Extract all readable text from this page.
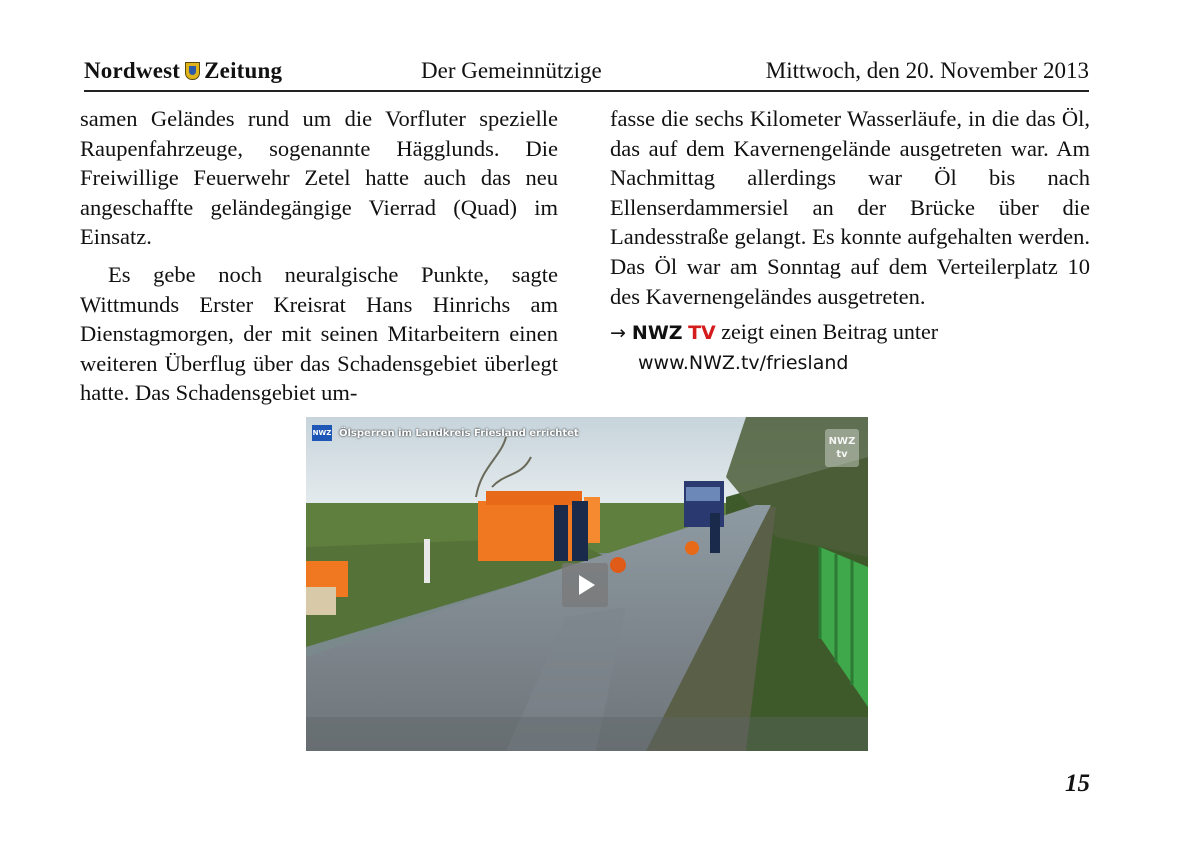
Nordwest Zeitung	Der Gemeinnützige	Mittwoch, den 20. November 2013

samen Geländes rund um die Vorfluter spezielle Raupenfahrzeuge, sogenannte Hägglunds. Die Freiwillige Feuerwehr Zetel hatte auch das neu angeschaffte geländegängige Vierrad (Quad) im Einsatz.

Es gebe noch neuralgische Punkte, sagte Wittmunds Erster Kreisrat Hans Hinrichs am Dienstagmorgen, der mit seinen Mitarbeitern einen weiteren Überflug über das Schadensgebiet überlegt hatte. Das Schadensgebiet um-

fasse die sechs Kilometer Wasserläufe, in die das Öl, das auf dem Kavernengelände ausgetreten war. Am Nachmittag allerdings war Öl bis nach Ellenserdammersiel an der Brücke über die Landesstraße gelangt. Es konnte aufgehalten werden. Das Öl war am Sonntag auf dem Verteilerplatz 10 des Kavernengeländes ausgetreten.

→ NWZ TV zeigt einen Beitrag unter
www.NWZ.tv/friesland
NWZ Ölsperren im Landkreis Friesland errichtet
NWZ
tv
15
